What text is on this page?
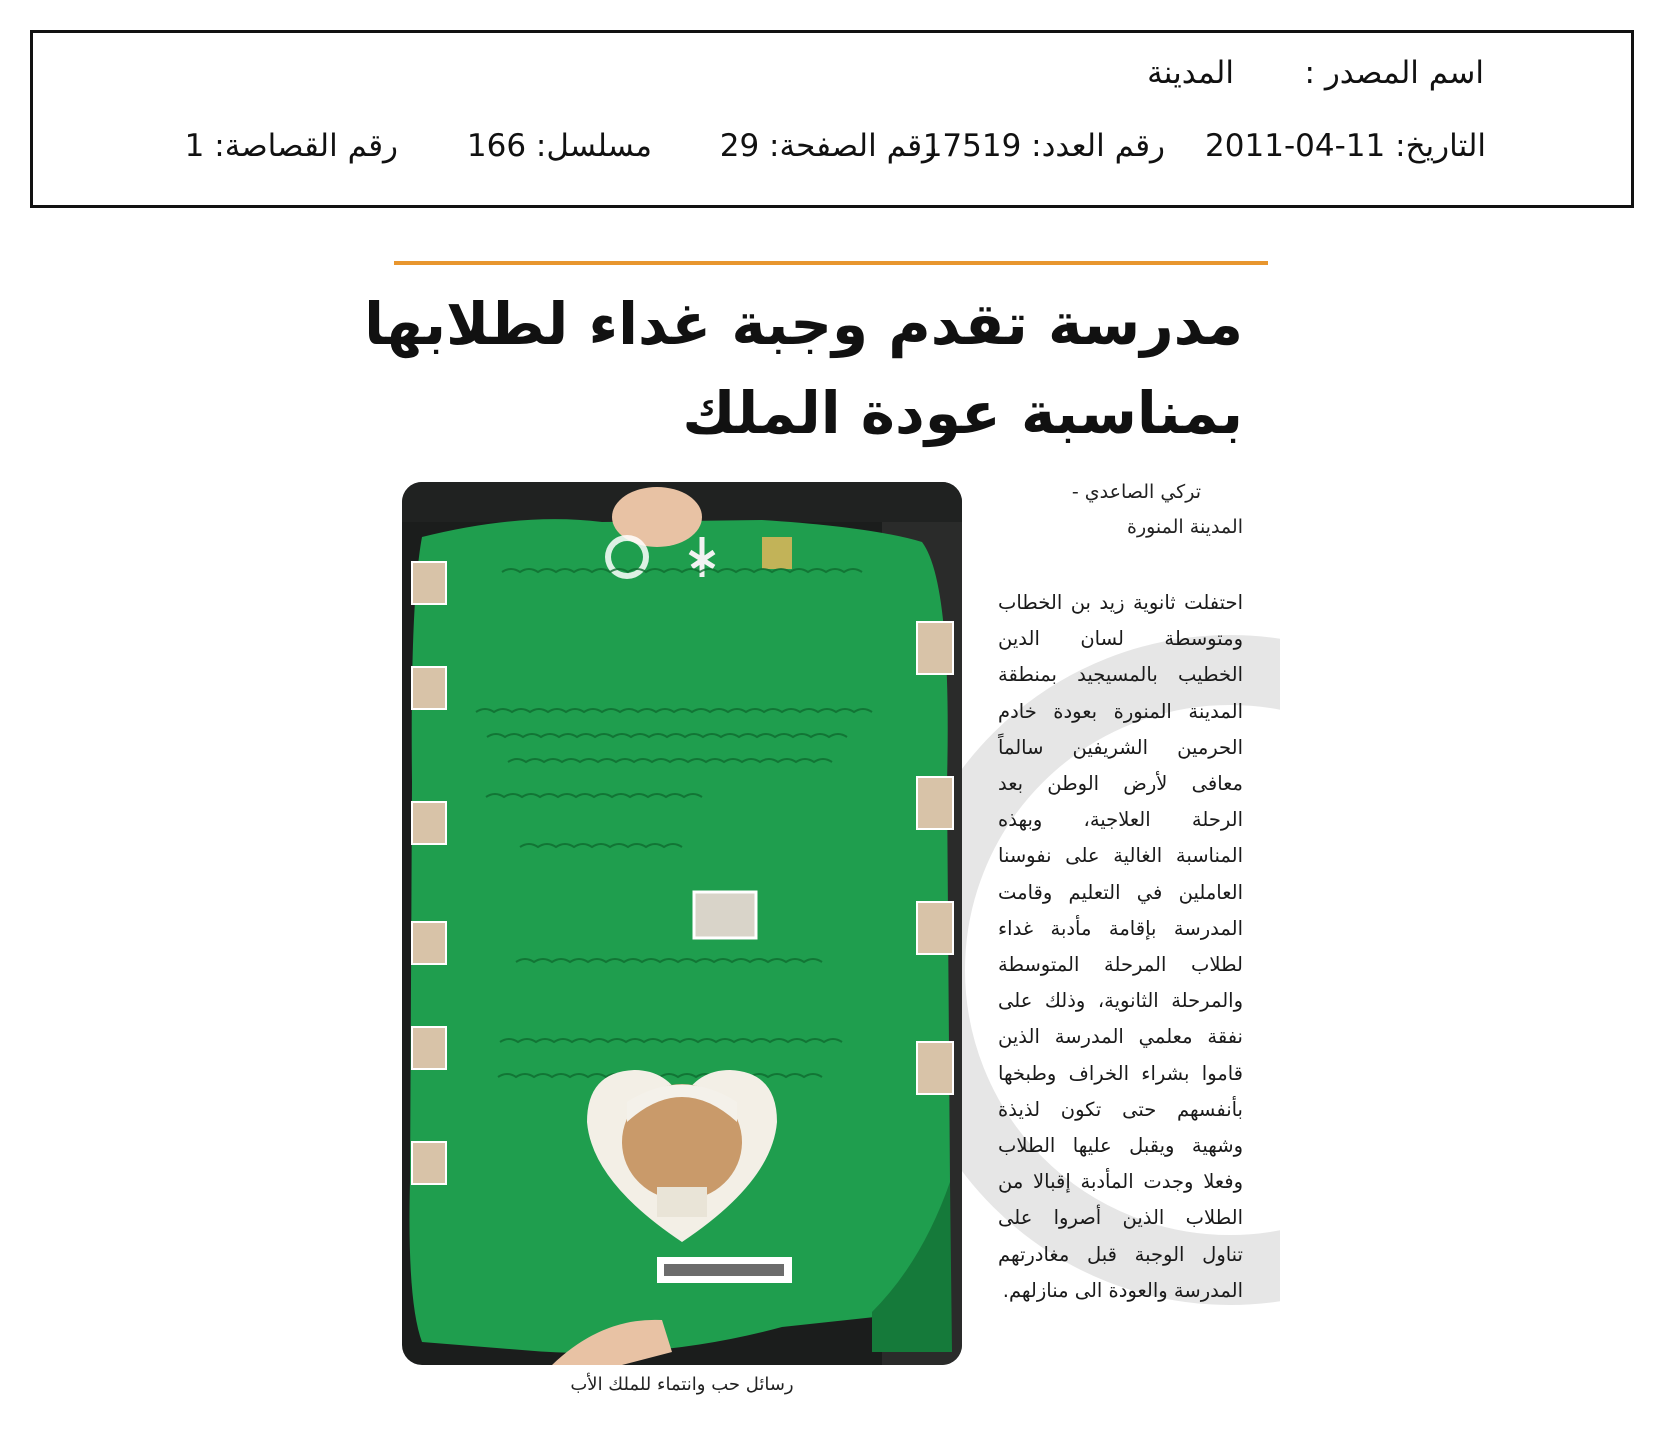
اسم المصدر :
المدينة
التاريخ: 11-04-2011
رقم العدد: 17519
رقم الصفحة: 29
مسلسل: 166
رقم القصاصة: 1
مدرسة تقدم وجبة غداء لطلابها
بمناسبة عودة الملك
تركي الصاعدي -
المدينة المنورة
احتفلت ثانوية زيد بن الخطاب ومتوسطة لسان الدين الخطيب بالمسيجيد بمنطقة المدينة المنورة بعودة خادم الحرمين الشريفين سالماً معافى لأرض الوطن بعد الرحلة العلاجية، وبهذه المناسبة الغالية على نفوسنا العاملين في التعليم وقامت المدرسة بإقامة مأدبة غداء لطلاب المرحلة المتوسطة والمرحلة الثانوية، وذلك على نفقة معلمي المدرسة الذين قاموا بشراء الخراف وطبخها بأنفسهم حتى تكون لذيذة وشهية ويقبل عليها الطلاب وفعلا وجدت المأدبة إقبالا من الطلاب الذين أصروا على تناول الوجبة قبل مغادرتهم المدرسة والعودة الى منازلهم.
رسائل حب وانتماء للملك الأب
